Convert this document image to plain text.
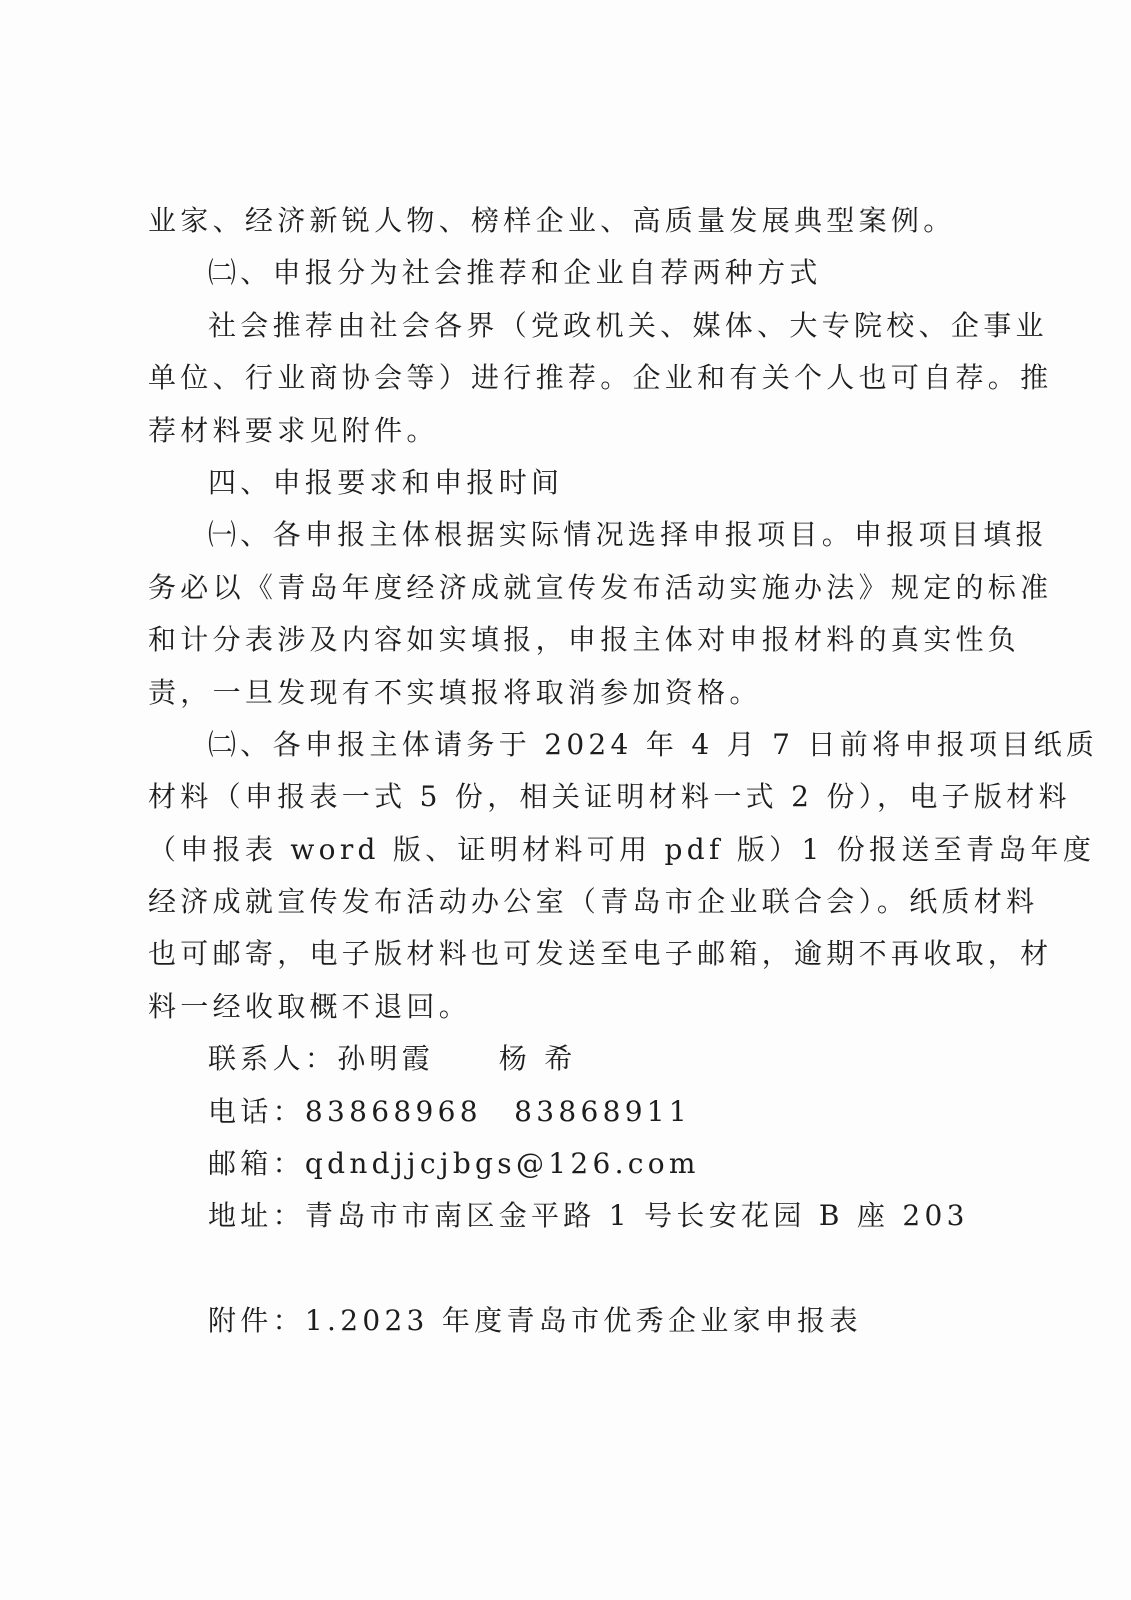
业家、经济新锐人物、榜样企业、高质量发展典型案例。
㈡、申报分为社会推荐和企业自荐两种方式
社会推荐由社会各界（党政机关、媒体、大专院校、企事业
单位、行业商协会等）进行推荐。企业和有关个人也可自荐。推
荐材料要求见附件。
四、申报要求和申报时间
㈠、各申报主体根据实际情况选择申报项目。申报项目填报
务必以《青岛年度经济成就宣传发布活动实施办法》规定的标准
和计分表涉及内容如实填报，申报主体对申报材料的真实性负
责，一旦发现有不实填报将取消参加资格。
㈡、各申报主体请务于 2024 年 4 月 7 日前将申报项目纸质
材料（申报表一式 5 份，相关证明材料一式 2 份），电子版材料
（申报表 word 版、证明材料可用 pdf 版）1 份报送至青岛年度
经济成就宣传发布活动办公室（青岛市企业联合会）。纸质材料
也可邮寄，电子版材料也可发送至电子邮箱，逾期不再收取，材
料一经收取概不退回。
联系人：孙明霞　　杨 希
电话：83868968　83868911
邮箱：qdndjjcjbgs@126.com
地址：青岛市市南区金平路 1 号长安花园 B 座 203
附件：1.2023 年度青岛市优秀企业家申报表
